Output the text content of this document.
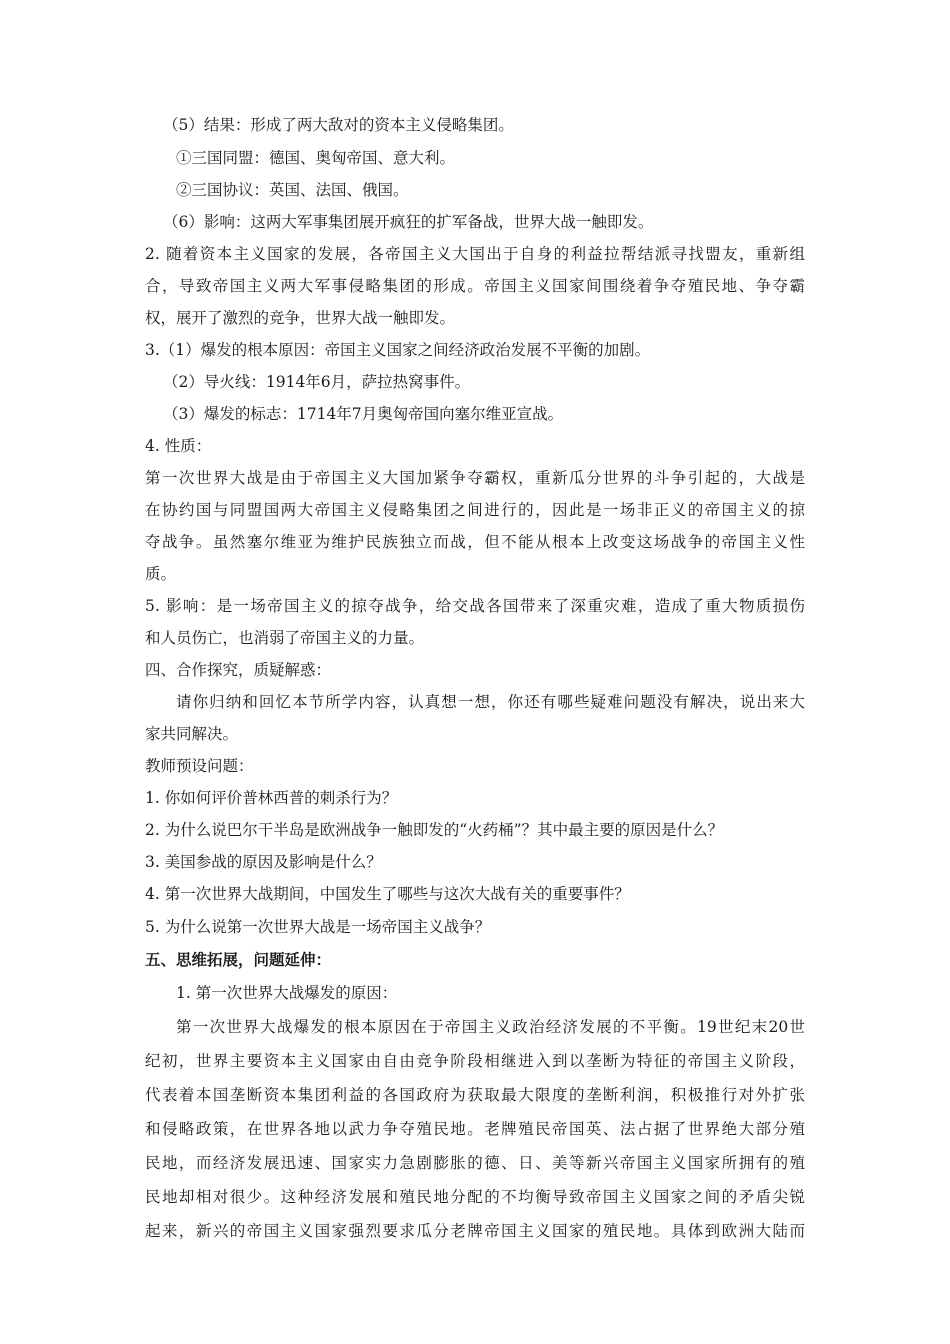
（5）结果：形成了两大敌对的资本主义侵略集团。
①三国同盟：德国、奥匈帝国、意大利。
②三国协议：英国、法国、俄国。
（6）影响：这两大军事集团展开疯狂的扩军备战，世界大战一触即发。
2. 随着资本主义国家的发展，各帝国主义大国出于自身的利益拉帮结派寻找盟友，重新组
合，导致帝国主义两大军事侵略集团的形成。帝国主义国家间围绕着争夺殖民地、争夺霸
权，展开了激烈的竞争，世界大战一触即发。
3.（1）爆发的根本原因：帝国主义国家之间经济政治发展不平衡的加剧。
（2）导火线：1914年6月，萨拉热窝事件。
（3）爆发的标志：1714年7月奥匈帝国向塞尔维亚宣战。
4. 性质：
第一次世界大战是由于帝国主义大国加紧争夺霸权，重新瓜分世界的斗争引起的，大战是
在协约国与同盟国两大帝国主义侵略集团之间进行的，因此是一场非正义的帝国主义的掠
夺战争。虽然塞尔维亚为维护民族独立而战，但不能从根本上改变这场战争的帝国主义性
质。
5. 影响：是一场帝国主义的掠夺战争，给交战各国带来了深重灾难，造成了重大物质损伤
和人员伤亡，也消弱了帝国主义的力量。
四、合作探究，质疑解惑：
请你归纳和回忆本节所学内容，认真想一想，你还有哪些疑难问题没有解决，说出来大
家共同解决。
教师预设问题：
1. 你如何评价普林西普的刺杀行为？
2. 为什么说巴尔干半岛是欧洲战争一触即发的“火药桶”？其中最主要的原因是什么？
3. 美国参战的原因及影响是什么？
4. 第一次世界大战期间，中国发生了哪些与这次大战有关的重要事件？
5. 为什么说第一次世界大战是一场帝国主义战争？
五、思维拓展，问题延伸：
1. 第一次世界大战爆发的原因：
第一次世界大战爆发的根本原因在于帝国主义政治经济发展的不平衡。19世纪末20世
纪初，世界主要资本主义国家由自由竞争阶段相继进入到以垄断为特征的帝国主义阶段，
代表着本国垄断资本集团利益的各国政府为获取最大限度的垄断利润，积极推行对外扩张
和侵略政策，在世界各地以武力争夺殖民地。老牌殖民帝国英、法占据了世界绝大部分殖
民地，而经济发展迅速、国家实力急剧膨胀的德、日、美等新兴帝国主义国家所拥有的殖
民地却相对很少。这种经济发展和殖民地分配的不均衡导致帝国主义国家之间的矛盾尖锐
起来，新兴的帝国主义国家强烈要求瓜分老牌帝国主义国家的殖民地。具体到欧洲大陆而
